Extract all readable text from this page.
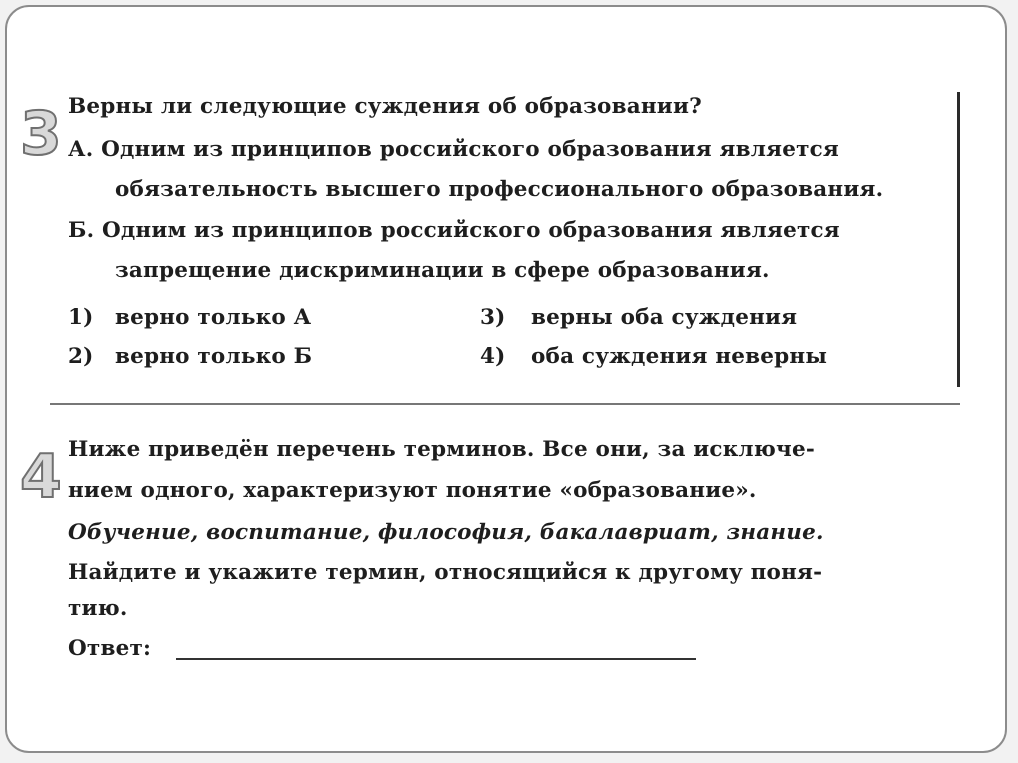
3 Верны ли следующие суждения об образовании?
А. Одним из принципов российского образования является
обязательность высшего профессионального образования.
Б. Одним из принципов российского образования является
запрещение дискриминации в сфере образования.
1) верно только А
2) верно только Б
3) верны оба суждения
4) оба суждения неверны
4 Ниже приведён перечень терминов. Все они, за исключе-
нием одного, характеризуют понятие «образование».
Обучение, воспитание, философия, бакалавриат, знание.
Найдите и укажите термин, относящийся к другому поня-
тию.
Ответ:
